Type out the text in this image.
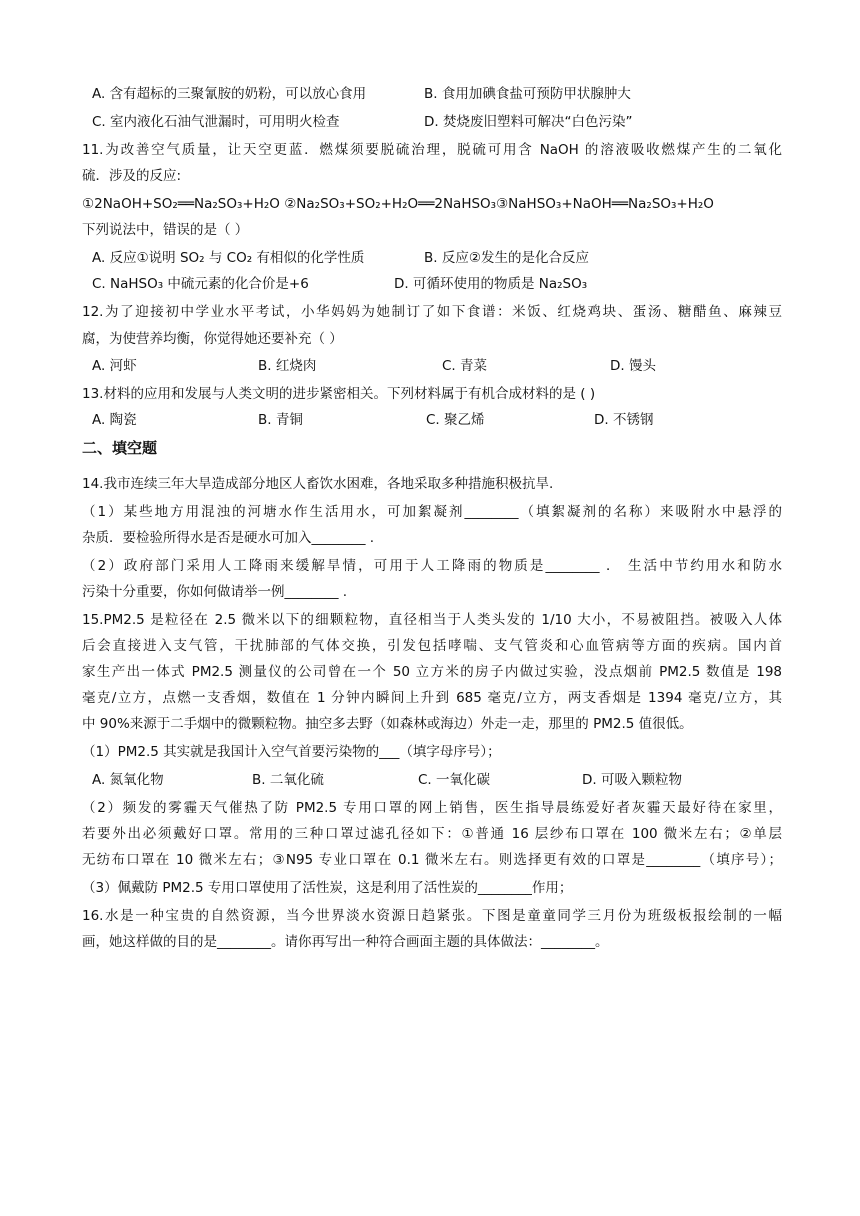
A. 含有超标的三聚氰胺的奶粉，可以放心食用	B. 食用加碘食盐可预防甲状腺肿大
C. 室内液化石油气泄漏时，可用明火检查	D. 焚烧废旧塑料可解决“白色污染”
11.为改善空气质量，让天空更蓝．燃煤须要脱硫治理，脱硫可用含 NaOH 的溶液吸收燃煤产生的二氧化
硫．涉及的反应:
①2NaOH+SO₂══Na₂SO₃+H₂O ②Na₂SO₃+SO₂+H₂O══2NaHSO₃③NaHSO₃+NaOH══Na₂SO₃+H₂O
下列说法中，错误的是（ ）
A. 反应①说明 SO₂ 与 CO₂ 有相似的化学性质	B. 反应②发生的是化合反应
C. NaHSO₃ 中硫元素的化合价是+6	D. 可循环使用的物质是 Na₂SO₃
12.为了迎接初中学业水平考试，小华妈妈为她制订了如下食谱：米饭、红烧鸡块、蛋汤、糖醋鱼、麻辣豆
腐，为使营养均衡，你觉得她还要补充（ ）
A. 河虾	B. 红烧肉	C. 青菜	D. 馒头
13.材料的应用和发展与人类文明的进步紧密相关。下列材料属于有机合成材料的是 ( )
A. 陶瓷	B. 青铜	C. 聚乙烯	D. 不锈钢
二、填空题
14.我市连续三年大旱造成部分地区人畜饮水困难，各地采取多种措施积极抗旱.
（1）某些地方用混浊的河塘水作生活用水，可加絮凝剂________（填絮凝剂的名称）来吸附水中悬浮的
杂质．要检验所得水是否是硬水可加入________ .
（2）政府部门采用人工降雨来缓解旱情，可用于人工降雨的物质是________ ． 生活中节约用水和防水
污染十分重要，你如何做请举一例________ .
15.PM2.5 是粒径在 2.5 微米以下的细颗粒物，直径相当于人类头发的 1/10 大小，不易被阻挡。被吸入人体
后会直接进入支气管，干扰肺部的气体交换，引发包括哮喘、支气管炎和心血管病等方面的疾病。国内首
家生产出一体式 PM2.5 测量仪的公司曾在一个 50 立方米的房子内做过实验，没点烟前 PM2.5 数值是 198
毫克/立方，点燃一支香烟，数值在 1 分钟内瞬间上升到 685 毫克/立方，两支香烟是 1394 毫克/立方，其
中 90%来源于二手烟中的微颗粒物。抽空多去野（如森林或海边）外走一走，那里的 PM2.5 值很低。
（1）PM2.5 其实就是我国计入空气首要污染物的___（填字母序号）；
A. 氮氧化物	B. 二氧化硫	C. 一氧化碳	D. 可吸入颗粒物
（2）频发的雾霾天气催热了防 PM2.5 专用口罩的网上销售，医生指导晨练爱好者灰霾天最好待在家里，
若要外出必须戴好口罩。常用的三种口罩过滤孔径如下：①普通 16 层纱布口罩在 100 微米左右；②单层
无纺布口罩在 10 微米左右；③N95 专业口罩在 0.1 微米左右。则选择更有效的口罩是________（填序号）；
（3）佩戴防 PM2.5 专用口罩使用了活性炭，这是利用了活性炭的________作用；
16.水是一种宝贵的自然资源，当今世界淡水资源日趋紧张。下图是童童同学三月份为班级板报绘制的一幅
画，她这样做的目的是________。请你再写出一种符合画面主题的具体做法：________。
